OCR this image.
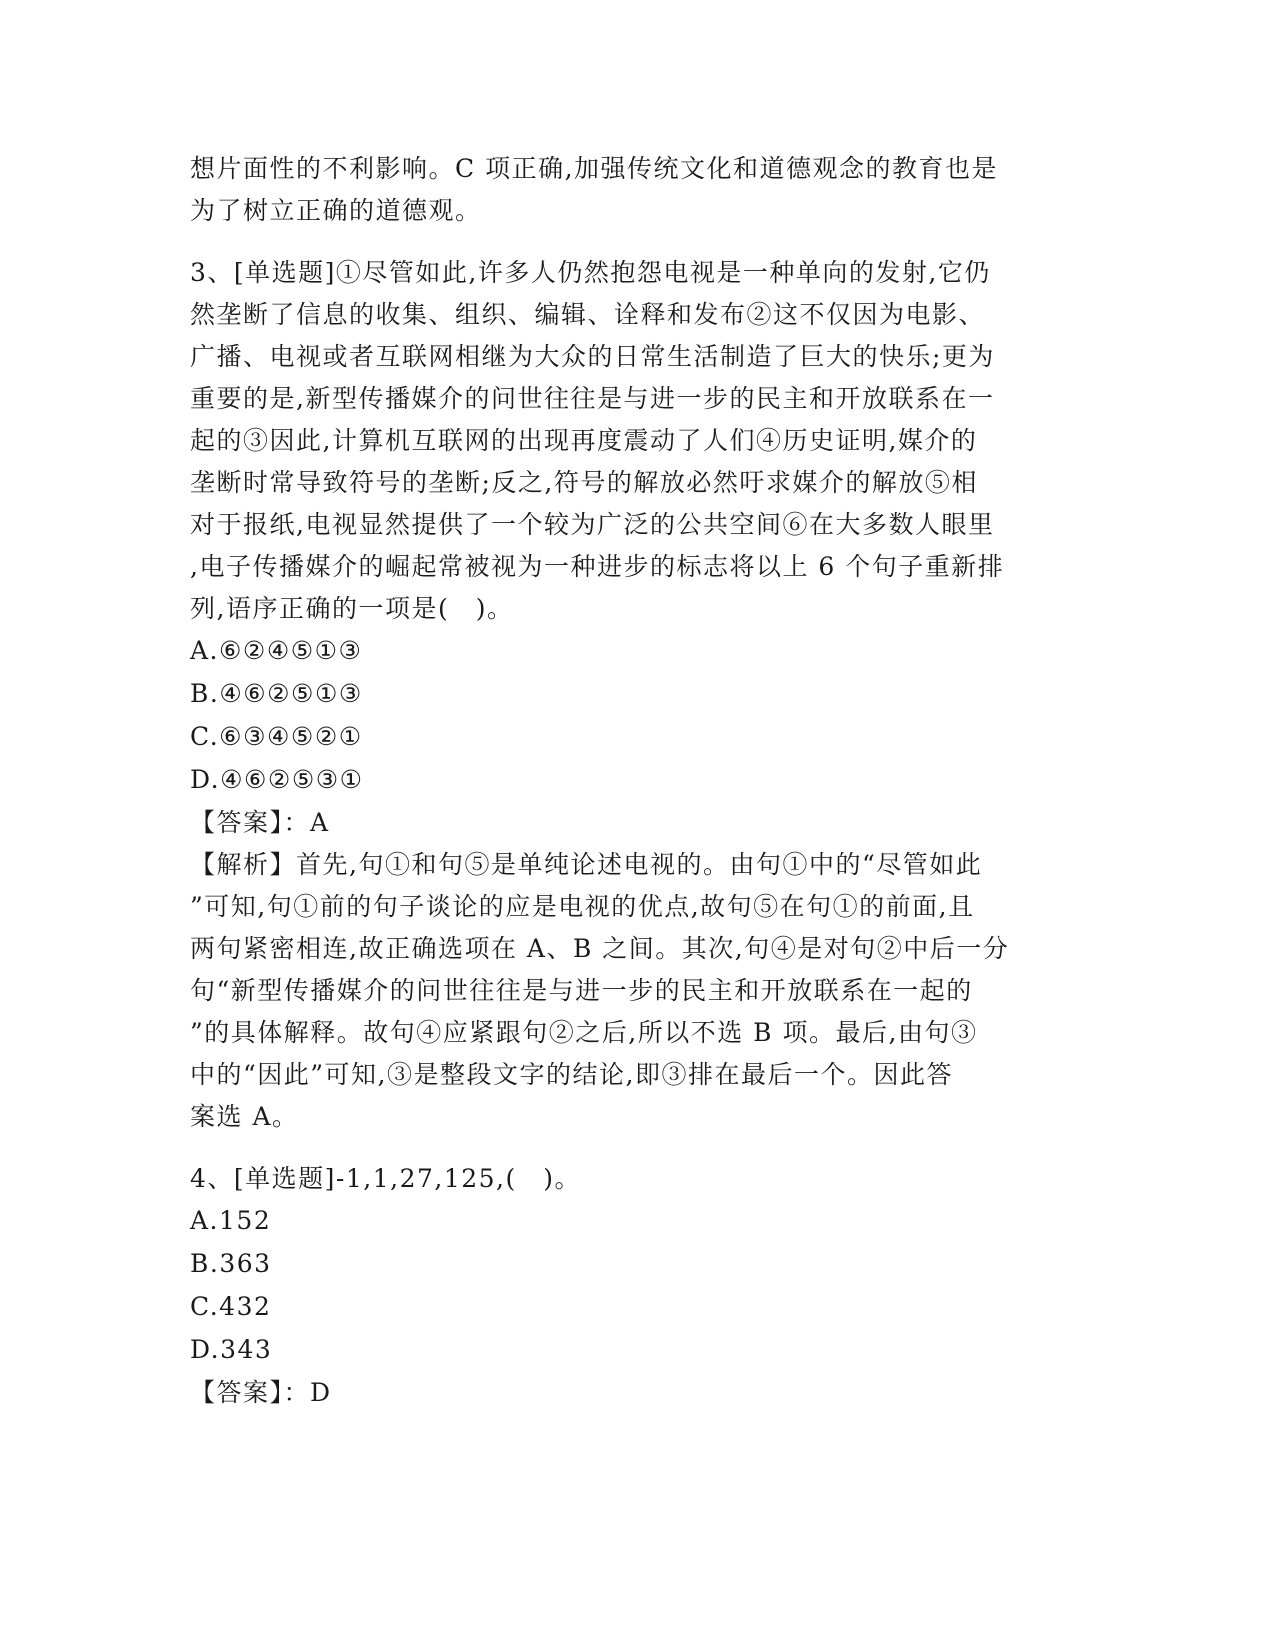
想片面性的不利影响。C 项正确,加强传统文化和道德观念的教育也是
为了树立正确的道德观。
3、[单选题]①尽管如此,许多人仍然抱怨电视是一种单向的发射,它仍
然垄断了信息的收集、组织、编辑、诠释和发布②这不仅因为电影、
广播、电视或者互联网相继为大众的日常生活制造了巨大的快乐;更为
重要的是,新型传播媒介的问世往往是与进一步的民主和开放联系在一
起的③因此,计算机互联网的出现再度震动了人们④历史证明,媒介的
垄断时常导致符号的垄断;反之,符号的解放必然吁求媒介的解放⑤相
对于报纸,电视显然提供了一个较为广泛的公共空间⑥在大多数人眼里
,电子传播媒介的崛起常被视为一种进步的标志将以上 6 个句子重新排
列,语序正确的一项是(　)。
A.⑥②④⑤①③
B.④⑥②⑤①③
C.⑥③④⑤②①
D.④⑥②⑤③①
【答案】：A
【解析】首先,句①和句⑤是单纯论述电视的。由句①中的“尽管如此
”可知,句①前的句子谈论的应是电视的优点,故句⑤在句①的前面,且
两句紧密相连,故正确选项在 A、B 之间。其次,句④是对句②中后一分
句“新型传播媒介的问世往往是与进一步的民主和开放联系在一起的
”的具体解释。故句④应紧跟句②之后,所以不选 B 项。最后,由句③
中的“因此”可知,③是整段文字的结论,即③排在最后一个。因此答
案选 A。
4、[单选题]-1,1,27,125,(　)。
A.152
B.363
C.432
D.343
【答案】：D
